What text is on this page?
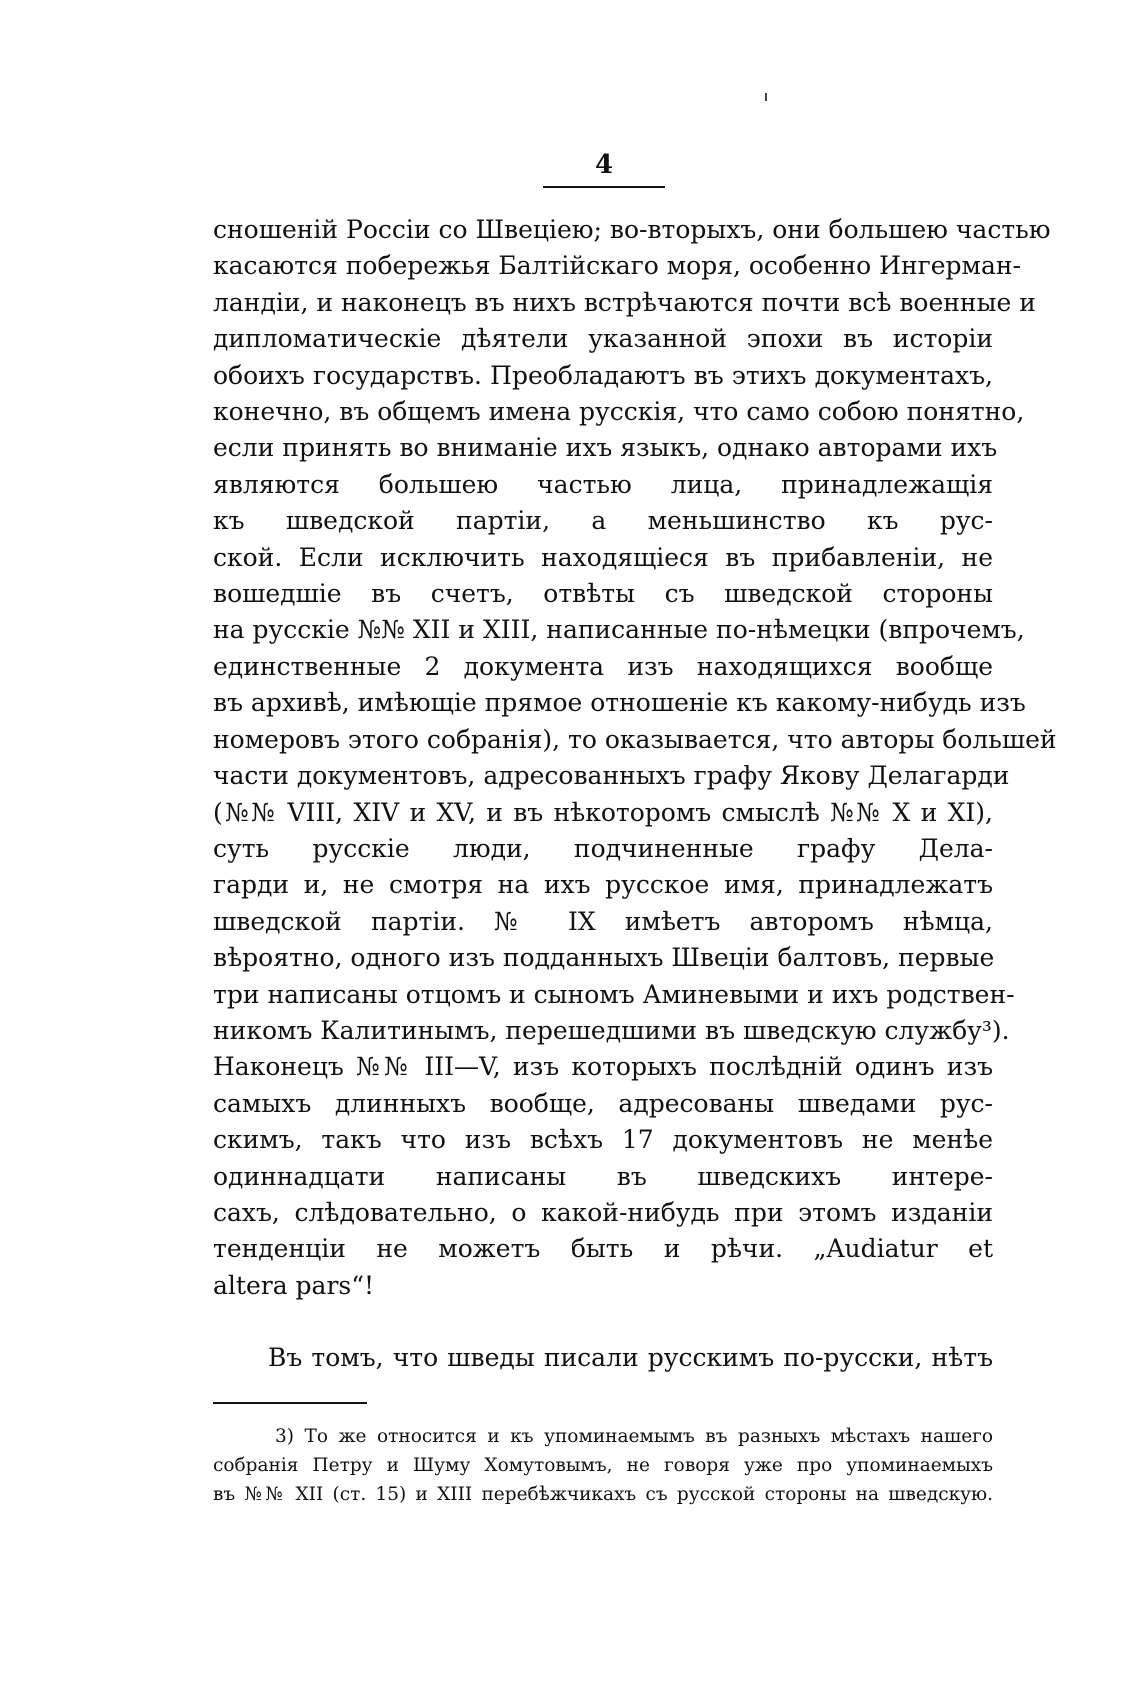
4
сношеній Россіи со Швеціею; во-вторыхъ, они большею частью
касаются побережья Балтійскаго моря, особенно Ингерман-
ландіи, и наконецъ въ нихъ встрѣчаются почти всѣ военные и
дипломатическіе дѣятели указанной эпохи въ исторіи
обоихъ государствъ. Преобладаютъ въ этихъ документахъ,
конечно, въ общемъ имена русскія, что само собою понятно,
если принять во вниманіе ихъ языкъ, однако авторами ихъ
являются большею частью лица, принадлежащія
къ шведской партіи, а меньшинство къ рус-
ской. Если исключить находящіеся въ прибавленіи, не
вошедшіе въ счетъ, отвѣты съ шведской стороны
на русскіе №№ XII и XIII, написанные по-нѣмецки (впрочемъ,
единственные 2 документа изъ находящихся вообще
въ архивѣ, имѣющіе прямое отношеніе къ какому-нибудь изъ
номеровъ этого собранія), то оказывается, что авторы большей
части документовъ, адресованныхъ графу Якову Делагарди
(№№ VIII, XIV и XV, и въ нѣкоторомъ смыслѣ №№ X и XI),
суть русскіе люди, подчиненные графу Дела-
гарди и, не смотря на ихъ русское имя, принадлежатъ
шведской партіи. № IX имѣетъ авторомъ нѣмца,
вѣроятно, одного изъ подданныхъ Швеціи балтовъ, первые
три написаны отцомъ и сыномъ Аминевыми и ихъ родствен-
никомъ Калитинымъ, перешедшими въ шведскую службу³).
Наконецъ №№ III—V, изъ которыхъ послѣдній одинъ изъ
самыхъ длинныхъ вообще, адресованы шведами рус-
скимъ, такъ что изъ всѣхъ 17 документовъ не менѣе
одиннадцати написаны въ шведскихъ интере-
сахъ, слѣдовательно, о какой-нибудь при этомъ изданіи
тенденціи не можетъ быть и рѣчи. „Audiatur et
altera pars“!
Въ томъ, что шведы писали русскимъ по-русски, нѣтъ
3) То же относится и къ упоминаемымъ въ разныхъ мѣстахъ нашего
собранія Петру и Шуму Хомутовымъ, не говоря уже про упоминаемыхъ
въ №№ XII (ст. 15) и XIII перебѣжчикахъ съ русской стороны на шведскую.
